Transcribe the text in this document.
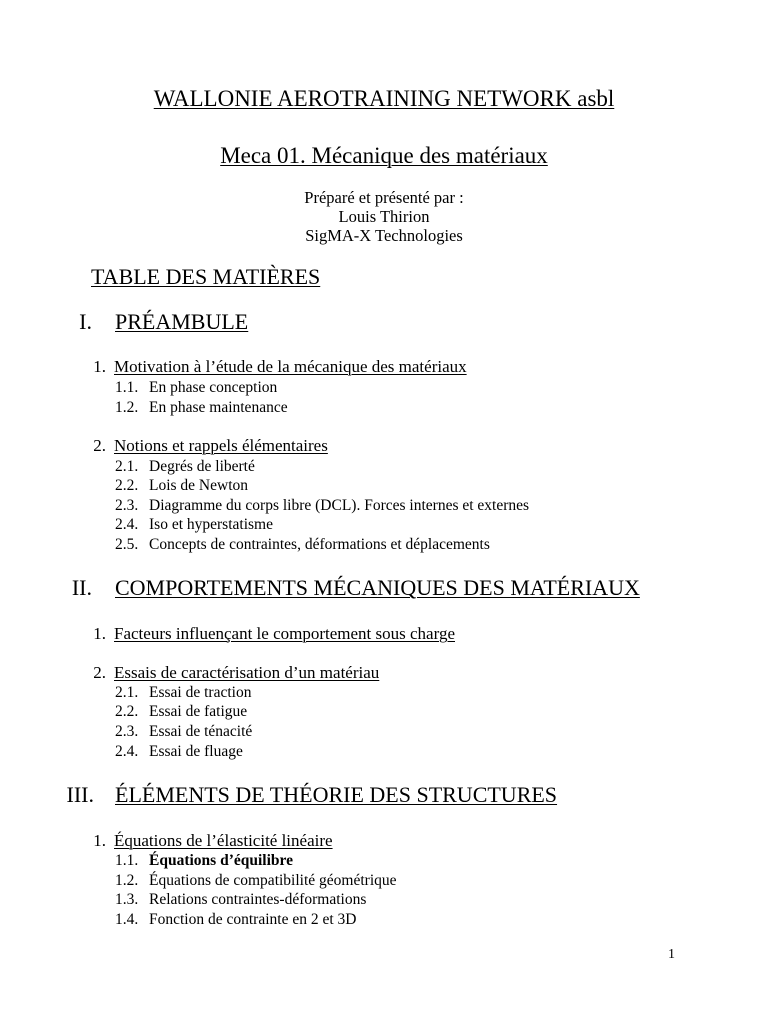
WALLONIE AEROTRAINING NETWORK asbl
Meca 01. Mécanique des matériaux
Préparé et présenté par :
Louis Thirion
SigMA-X Technologies
TABLE DES MATIÈRES
I. PRÉAMBULE
1. Motivation à l’étude de la mécanique des matériaux
1.1. En phase conception
1.2. En phase maintenance
2. Notions et rappels élémentaires
2.1. Degrés de liberté
2.2. Lois de Newton
2.3. Diagramme du corps libre (DCL). Forces internes et externes
2.4. Iso et hyperstatisme
2.5. Concepts de contraintes, déformations et déplacements
II. COMPORTEMENTS MÉCANIQUES DES MATÉRIAUX
1. Facteurs influençant le comportement sous charge
2. Essais de caractérisation d’un matériau
2.1. Essai de traction
2.2. Essai de fatigue
2.3. Essai de ténacité
2.4. Essai de fluage
III. ÉLÉMENTS DE THÉORIE DES STRUCTURES
1. Équations de l’élasticité linéaire
1.1. Équations d’équilibre
1.2. Équations de compatibilité géométrique
1.3. Relations contraintes-déformations
1.4. Fonction de contrainte en 2 et 3D
1
